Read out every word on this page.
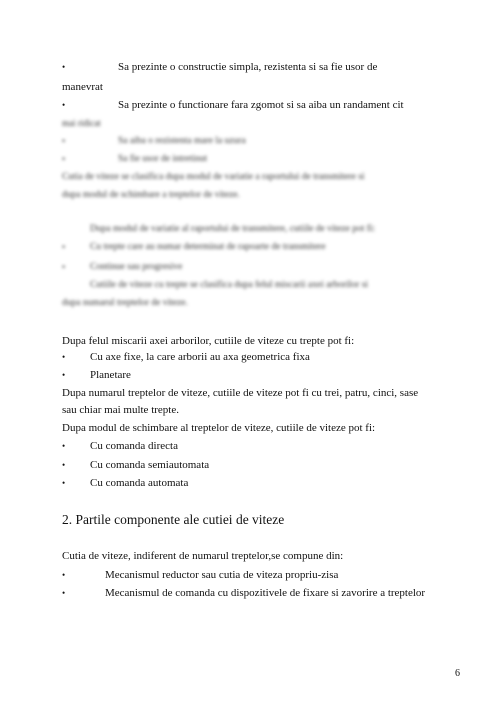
•	Sa prezinte o constructie simpla, rezistenta si sa fie usor de
manevrat
•	Sa prezinte o functionare fara zgomot si sa aiba un randament cit
mai ridicat
•	Sa aiba o rezistenta mare la uzura
•	Sa fie usor de intretinut
Cutia de viteze se clasifica dupa modul de variatie a raportului de transmitere si
dupa modul de schimbare a treptelor de viteze.
Dupa modul de variatie al raportului de transmitere, cutiile de viteze pot fi:
•	Cu trepte care au numar determinat de rapoarte de transmitere
•	Continue sau progresive
Cutiile de viteze cu trepte se clasifica dupa felul miscarii axei arborilor si
dupa numarul treptelor de viteze.
Dupa felul miscarii axei arborilor, cutiile de viteze cu trepte pot fi:
• Cu axe fixe, la care arborii au axa geometrica fixa
• Planetare
Dupa numarul treptelor de viteze, cutiile de viteze pot fi cu trei, patru, cinci, sase
sau chiar mai multe trepte.
Dupa modul de schimbare al treptelor de viteze, cutiile de viteze pot fi:
• Cu comanda directa
• Cu comanda semiautomata
• Cu comanda automata
2. Partile componente ale cutiei de viteze
Cutia de viteze, indiferent de numarul treptelor,se compune din:
•	Mecanismul reductor sau cutia de viteza propriu-zisa
•	Mecanismul de comanda cu dispozitivele de fixare si zavorire a treptelor
6
